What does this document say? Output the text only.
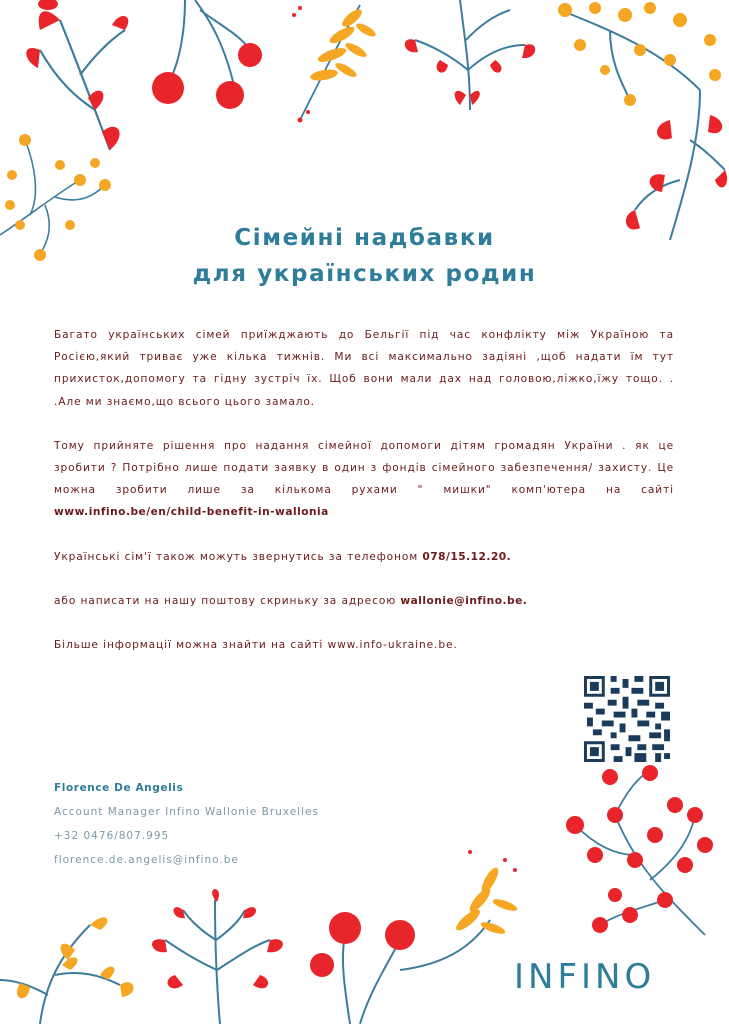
Сімейні надбавки
для українських родин

Багато українських сімей приїжджають до Бельгії під час конфлікту між Україною та Росією,який триває уже кілька тижнів. Ми всі максимально задіяні ,щоб надати їм тут прихисток,допомогу та гідну зустріч їх. Щоб вони мали дах над головою,ліжко,їжу тощо. . .Але ми знаємо,що всього цього замало.

Тому прийняте рішення про надання сімейної допомоги дітям громадян України . як це зробити ? Потрібно лише подати заявку в один з фондів сімейного забезпечення/ захисту. Це можна зробити лише за кількома рухами " мишки" комп'ютера на сайті www.infino.be/en/child-benefit-in-wallonia

Українські сім'ї також можуть звернутись за телефоном 078/15.12.20.

або написати на нашу поштову скриньку за адресою wallonie@infino.be.

Більше інформації можна знайти на сайті www.info-ukraine.be.

Florence De Angelis
Account Manager Infino Wallonie Bruxelles
+32 0476/807.995
florence.de.angelis@infino.be
INFINO
